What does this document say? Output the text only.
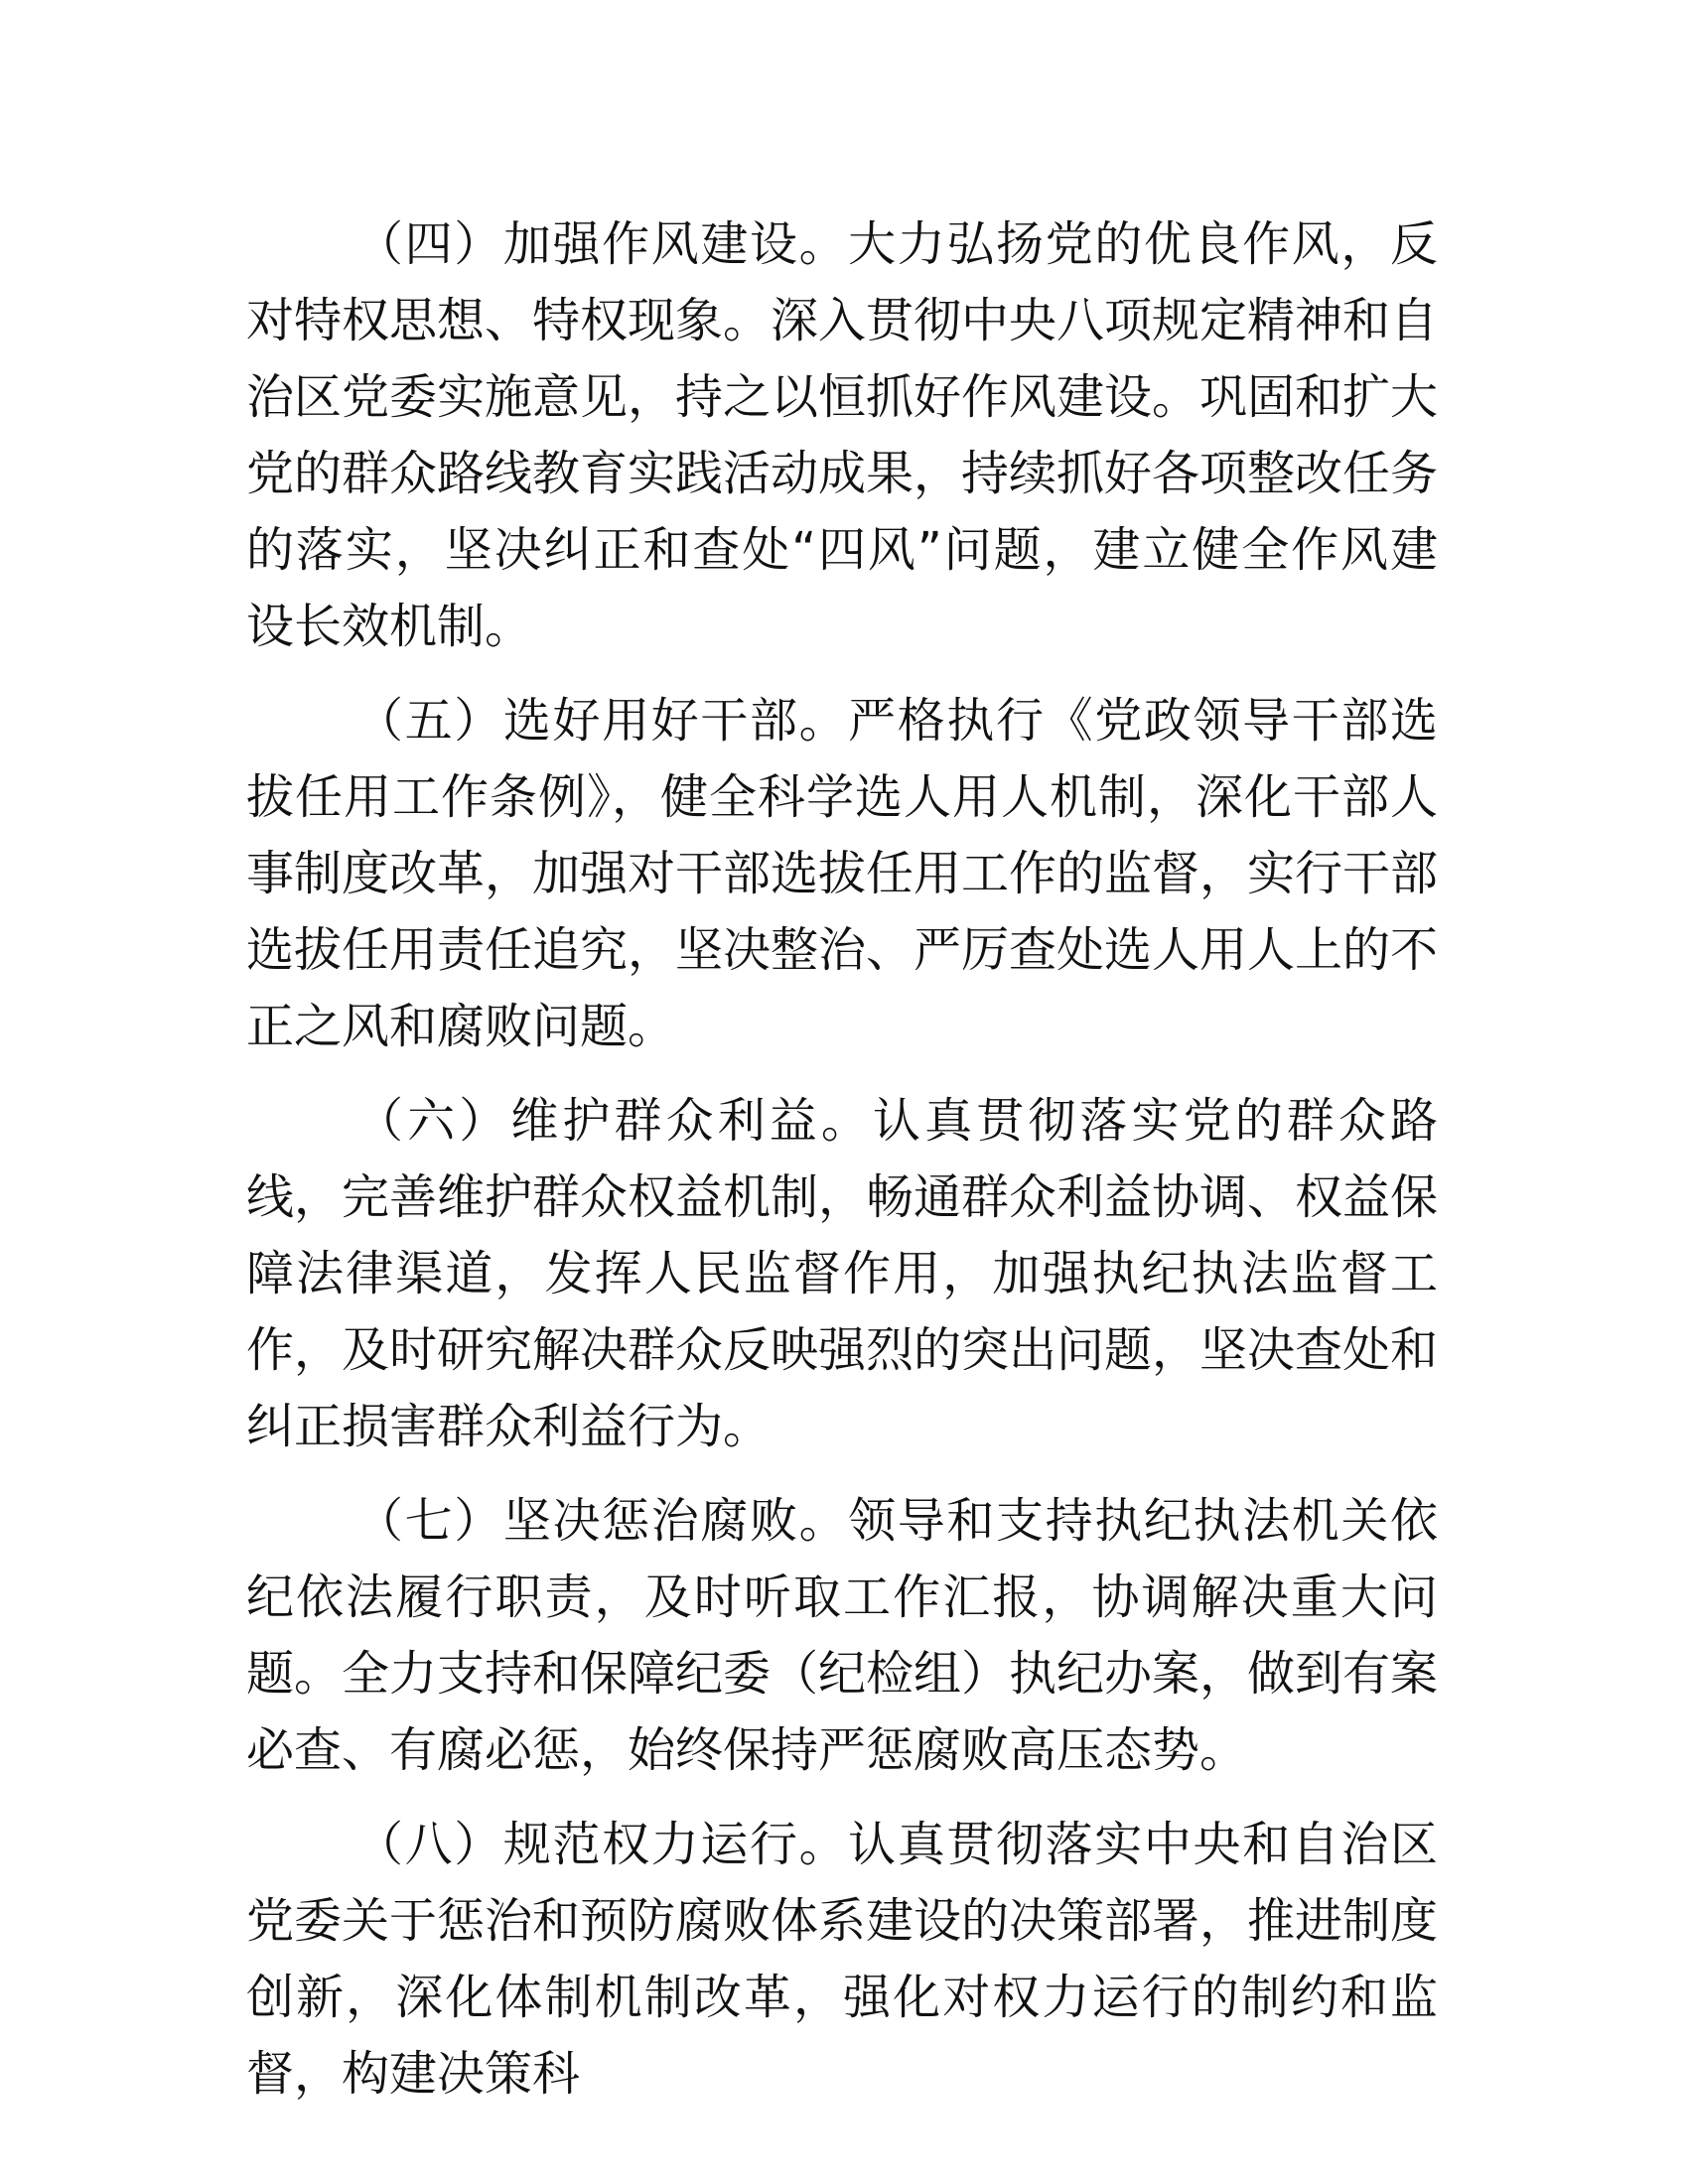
（四）加强作风建设。大力弘扬党的优良作风，反对特权思想、特权现象。深入贯彻中央八项规定精神和自治区党委实施意见，持之以恒抓好作风建设。巩固和扩大党的群众路线教育实践活动成果，持续抓好各项整改任务的落实，坚决纠正和查处“四风”问题，建立健全作风建设长效机制。

（五）选好用好干部。严格执行《党政领导干部选拔任用工作条例》，健全科学选人用人机制，深化干部人事制度改革，加强对干部选拔任用工作的监督，实行干部选拔任用责任追究，坚决整治、严厉查处选人用人上的不正之风和腐败问题。

（六）维护群众利益。认真贯彻落实党的群众路线，完善维护群众权益机制，畅通群众利益协调、权益保障法律渠道，发挥人民监督作用，加强执纪执法监督工作，及时研究解决群众反映强烈的突出问题，坚决查处和纠正损害群众利益行为。

（七）坚决惩治腐败。领导和支持执纪执法机关依纪依法履行职责，及时听取工作汇报，协调解决重大问题。全力支持和保障纪委（纪检组）执纪办案，做到有案必查、有腐必惩，始终保持严惩腐败高压态势。

（八）规范权力运行。认真贯彻落实中央和自治区党委关于惩治和预防腐败体系建设的决策部署，推进制度创新，深化体制机制改革，强化对权力运行的制约和监督，构建决策科
